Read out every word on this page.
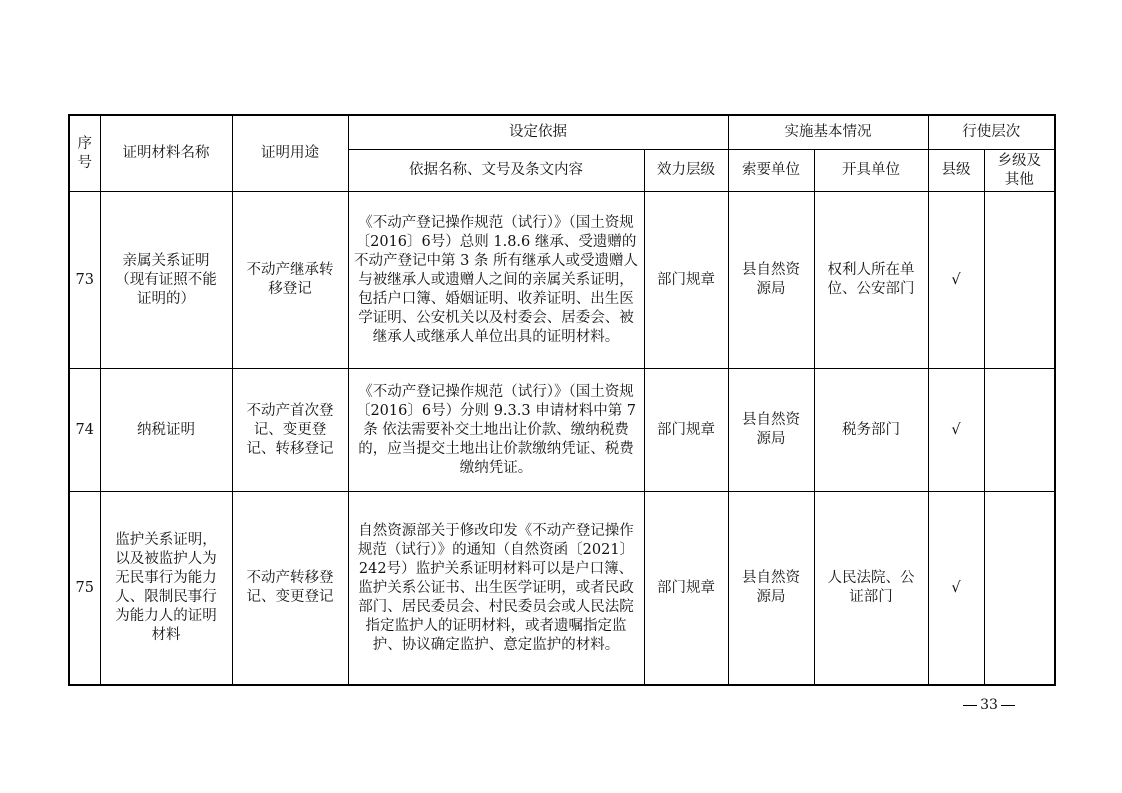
序号	证明材料名称	证明用途	设定依据		实施基本情况		行使层次	
			依据名称、文号及条文内容	效力层级	索要单位	开具单位	县级	乡级及其他
73	亲属关系证明（现有证照不能证明的）	不动产继承转移登记	《不动产登记操作规范（试行）》（国土资规〔2016〕6号）总则 1.8.6 继承、受遗赠的不动产登记中第 3 条 所有继承人或受遗赠人与被继承人或遗赠人之间的亲属关系证明，包括户口簿、婚姻证明、收养证明、出生医学证明、公安机关以及村委会、居委会、被继承人或继承人单位出具的证明材料。	部门规章	县自然资源局	权利人所在单位、公安部门	√	
74	纳税证明	不动产首次登记、变更登记、转移登记	《不动产登记操作规范（试行）》（国土资规〔2016〕6号）分则 9.3.3 申请材料中第 7 条 依法需要补交土地出让价款、缴纳税费的，应当提交土地出让价款缴纳凭证、税费缴纳凭证。	部门规章	县自然资源局	税务部门	√	
75	监护关系证明，以及被监护人为无民事行为能力人、限制民事行为能力人的证明材料	不动产转移登记、变更登记	自然资源部关于修改印发《不动产登记操作规范（试行）》的通知（自然资函〔2021〕242号）监护关系证明材料可以是户口簿、监护关系公证书、出生医学证明，或者民政部门、居民委员会、村民委员会或人民法院指定监护人的证明材料，或者遗嘱指定监护、协议确定监护、意定监护的材料。	部门规章	县自然资源局	人民法院、公证部门	√	
33
